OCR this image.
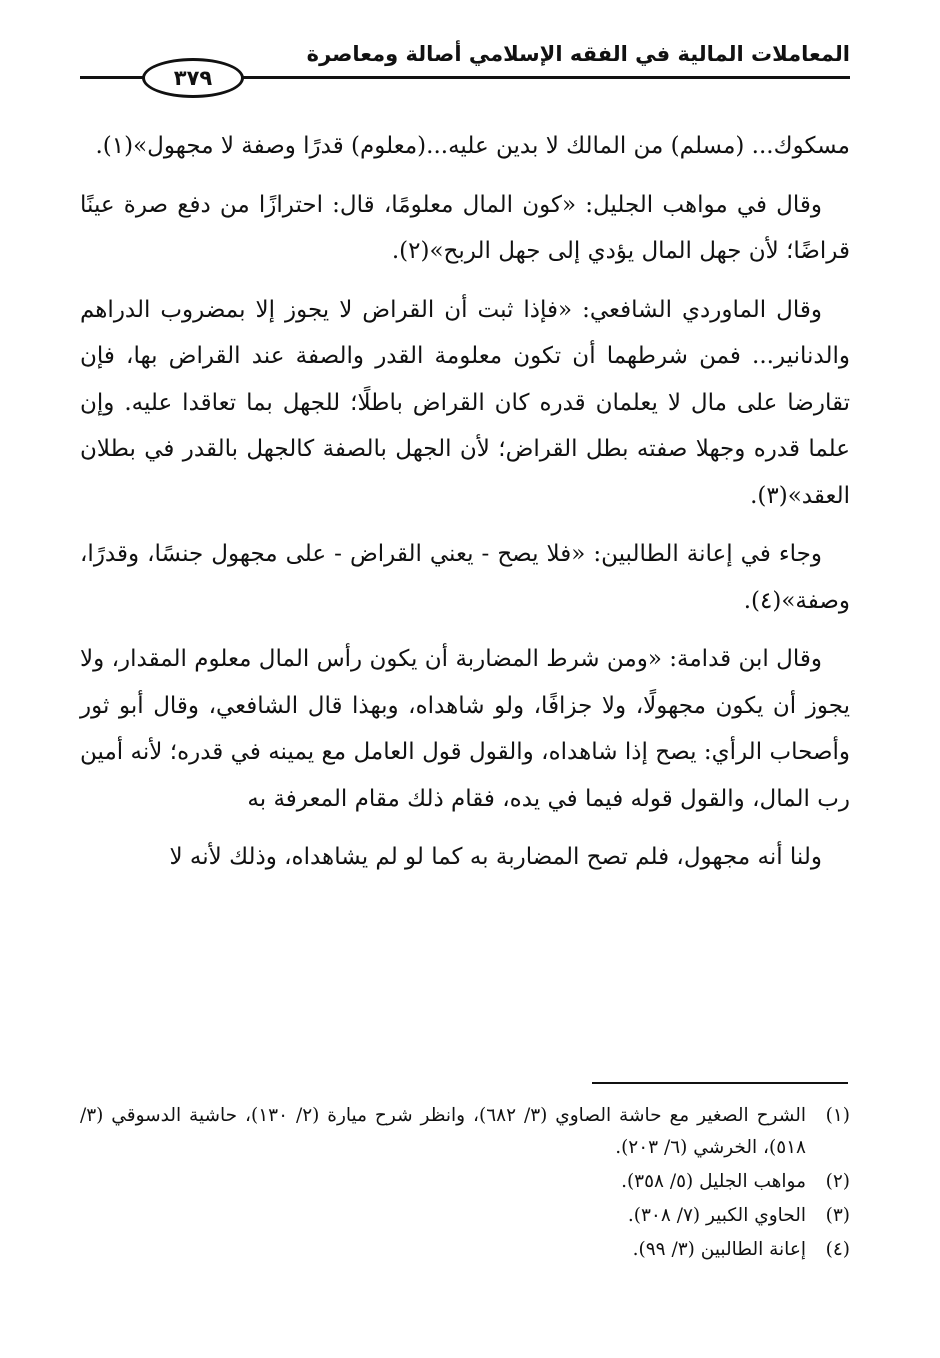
المعاملات المالية في الفقه الإسلامي أصالة ومعاصرة
٣٧٩

مسكوك... (مسلم) من المالك لا بدين عليه...(معلوم) قدرًا وصفة لا مجهول»(١).

وقال في مواهب الجليل: «كون المال معلومًا، قال: احترازًا من دفع صرة عينًا قراضًا؛ لأن جهل المال يؤدي إلى جهل الربح»(٢).

وقال الماوردي الشافعي: «فإذا ثبت أن القراض لا يجوز إلا بمضروب الدراهم والدنانير... فمن شرطهما أن تكون معلومة القدر والصفة عند القراض بها، فإن تقارضا على مال لا يعلمان قدره كان القراض باطلًا؛ للجهل بما تعاقدا عليه. وإن علما قدره وجهلا صفته بطل القراض؛ لأن الجهل بالصفة كالجهل بالقدر في بطلان العقد»(٣).

وجاء في إعانة الطالبين: «فلا يصح - يعني القراض - على مجهول جنسًا، وقدرًا، وصفة»(٤).

وقال ابن قدامة: «ومن شرط المضاربة أن يكون رأس المال معلوم المقدار، ولا يجوز أن يكون مجهولًا، ولا جزافًا، ولو شاهداه، وبهذا قال الشافعي، وقال أبو ثور وأصحاب الرأي: يصح إذا شاهداه، والقول قول العامل مع يمينه في قدره؛ لأنه أمين رب المال، والقول قوله فيما في يده، فقام ذلك مقام المعرفة به

ولنا أنه مجهول، فلم تصح المضاربة به كما لو لم يشاهداه، وذلك لأنه لا

(١)
الشرح الصغير مع حاشة الصاوي (٣/ ٦٨٢)، وانظر شرح ميارة (٢/ ١٣٠)، حاشية الدسوقي (٣/ ٥١٨)، الخرشي (٦/ ٢٠٣).
(٢)
مواهب الجليل (٥/ ٣٥٨).
(٣)
الحاوي الكبير (٧/ ٣٠٨).
(٤)
إعانة الطالبين (٣/ ٩٩).
